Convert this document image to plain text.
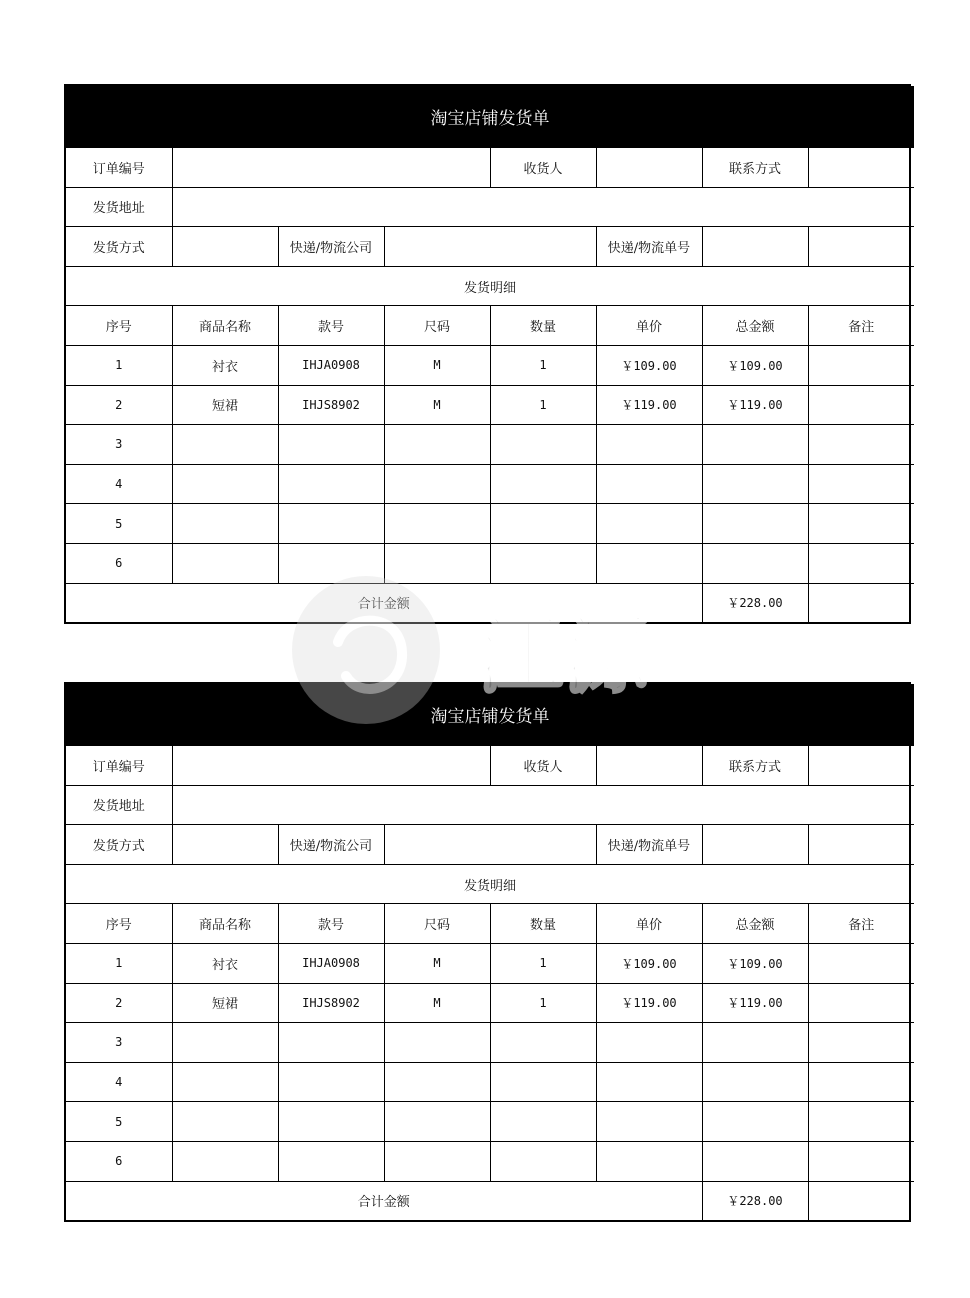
淘宝店铺发货单							
订单编号				收货人		联系方式	
发货地址							
发货方式		快递/物流公司			快递/物流单号		
发货明细							
序号	商品名称	款号	尺码	数量	单价	总金额	备注
1	衬衣	IHJA0908	M	1	￥109.00	￥109.00	
2	短裙	IHJS8902	M	1	￥119.00	￥119.00	
3							
4							
5							
6							
合计金额						￥228.00	
淘宝店铺发货单							
订单编号				收货人		联系方式	
发货地址							
发货方式		快递/物流公司			快递/物流单号		
发货明细							
序号	商品名称	款号	尺码	数量	单价	总金额	备注
1	衬衣	IHJA0908	M	1	￥109.00	￥109.00	
2	短裙	IHJS8902	M	1	￥119.00	￥119.00	
3							
4							
5							
6							
合计金额						￥228.00	
江源
